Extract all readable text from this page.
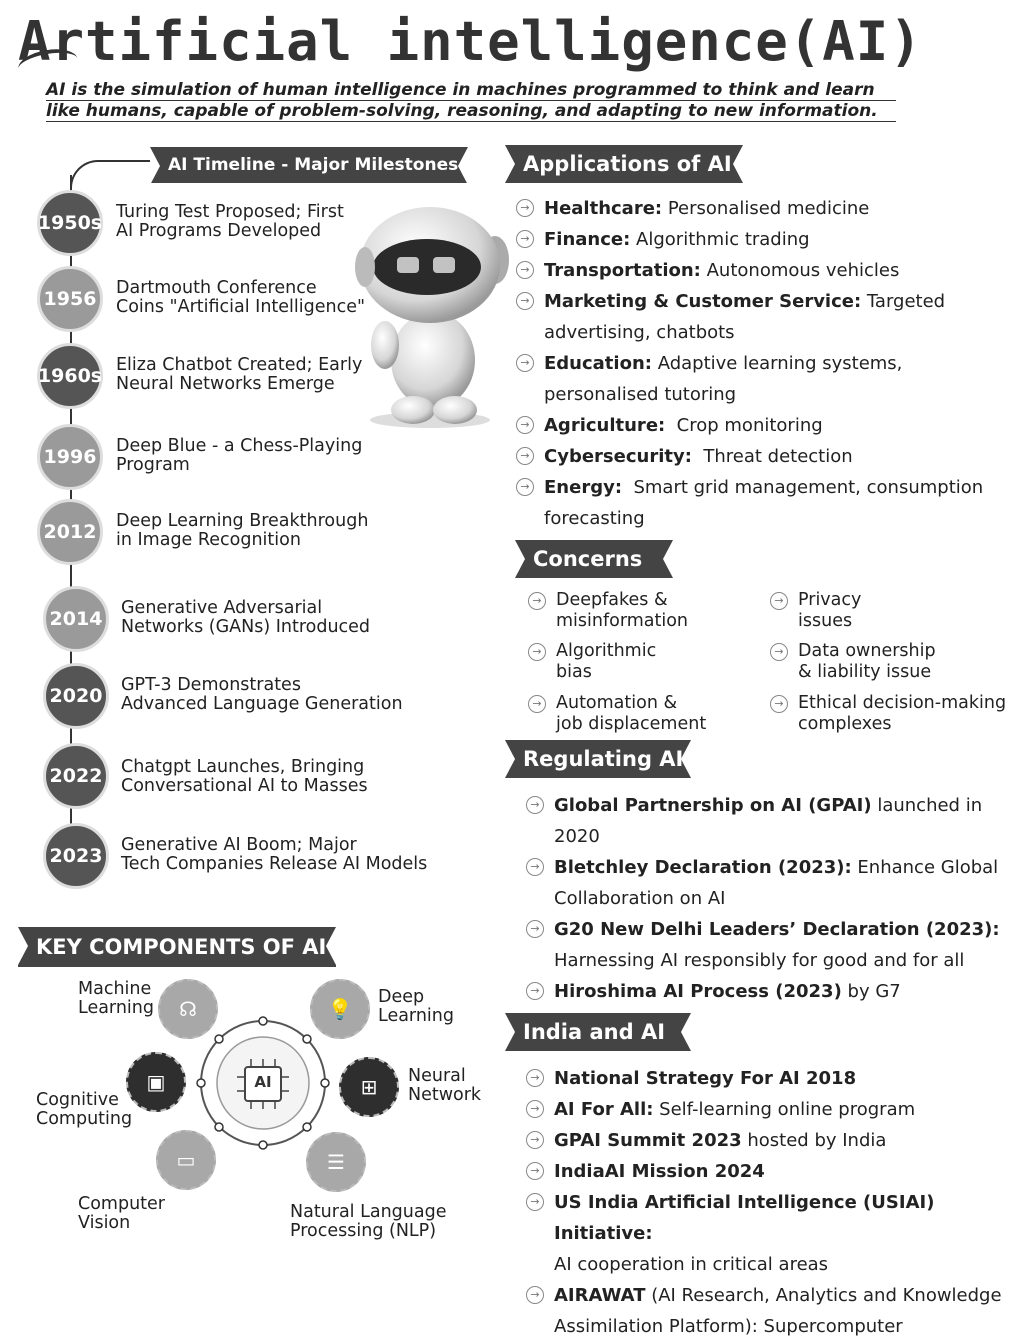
Artificial intelligence(AI)
AI is the simulation of human intelligence in machines programmed to think and learn
like humans, capable of problem-solving, reasoning, and adapting to new information.
AI Timeline - Major Milestones
1950s Turing Test Proposed; First
AI Programs Developed
1956	Dartmouth Conference
Coins "Artificial Intelligence"
1960s Eliza Chatbot Created; Early
Neural Networks Emerge
1996	Deep Blue - a Chess-Playing
Program
2012	Deep Learning Breakthrough
in Image Recognition
2014	Generative Adversarial
Networks (GANs) Introduced
2020	GPT-3 Demonstrates
Advanced Language Generation
2022	Chatgpt Launches, Bringing
Conversational AI to Masses
2023	Generative AI Boom; Major
Tech Companies Release AI Models
Applications of AI
→ Healthcare: Personalised medicine
→ Finance: Algorithmic trading
→ Transportation: Autonomous vehicles
→ Marketing & Customer Service: Targeted
advertising, chatbots
→ Education: Adaptive learning systems,
personalised tutoring
→ Agriculture:  Crop monitoring
→ Cybersecurity:  Threat detection
→ Energy:  Smart grid management, consumption
forecasting
Concerns
→ Deepfakes &
misinformation
→ Privacy
issues
→ Algorithmic
bias
→ Data ownership
& liability issue
→ Automation &
job displacement
→ Ethical decision-making
complexes
Regulating AI
→ Global Partnership on AI (GPAI) launched in
2020
→ Bletchley Declaration (2023): Enhance Global
Collaboration on AI
→ G20 New Delhi Leaders’ Declaration (2023):
Harnessing AI responsibly for good and for all
→ Hiroshima AI Process (2023) by G7
India and AI
→ National Strategy For AI 2018
→ AI For All: Self-learning online program
→ GPAI Summit 2023 hosted by India
→ IndiaAI Mission 2024
→ US India Artificial Intelligence (USIAI) Initiative:
AI cooperation in critical areas
→ AIRAWAT (AI Research, Analytics and Knowledge
Assimilation Platform): Supercomputer
KEY COMPONENTS OF AI
AI
☊
Machine
Learning	💡 Deep
Learning
⊞ Neural
Network
☰
Natural Language
Processing (NLP)
▭
Computer
Vision
▣
Cognitive
Computing
